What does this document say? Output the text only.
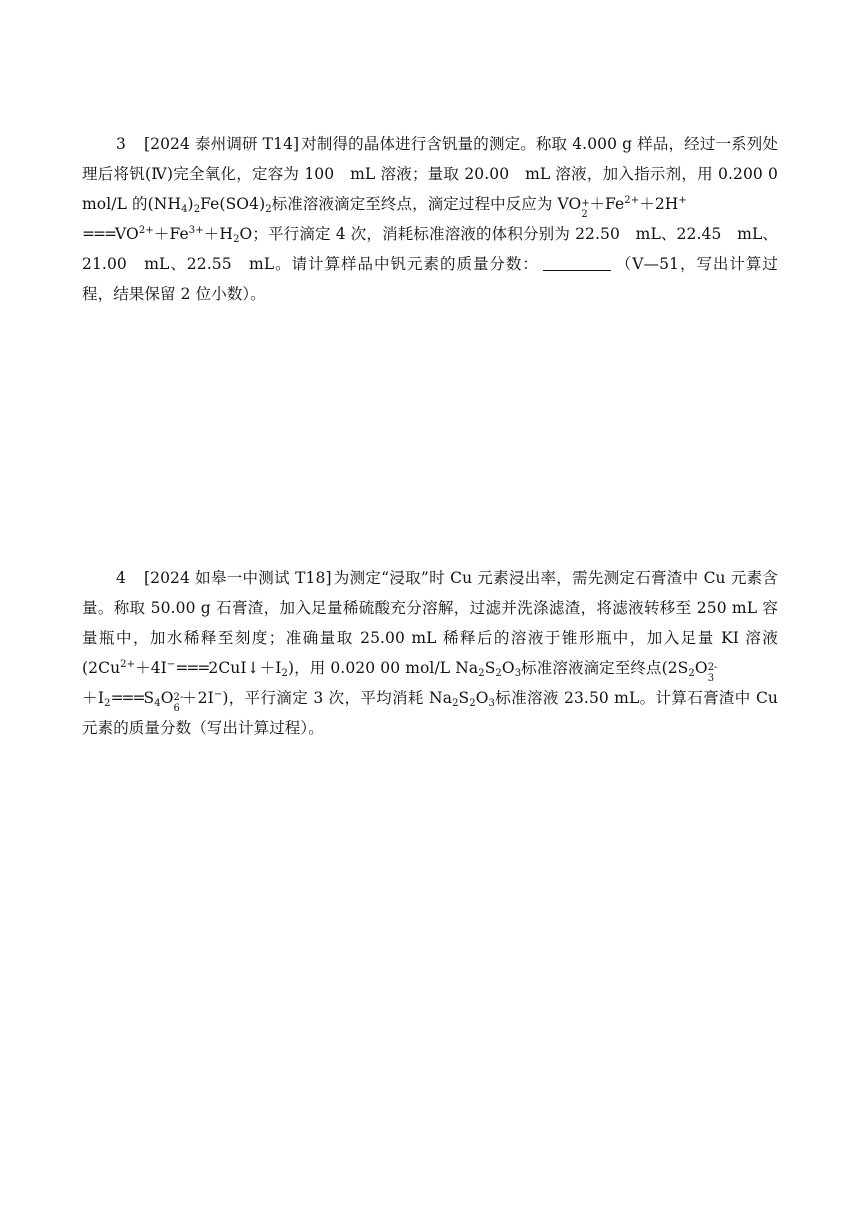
3 [2024 泰州调研 T14] 对制得的晶体进行含钒量的测定。称取 4.000 g 样品，经过一系列处理后将钒(Ⅳ)完全氧化，定容为 100　mL 溶液；量取 20.00　mL 溶液，加入指示剂，用 0.200 0　mol/L 的$(NH_4)_2Fe(SO4)_2$标准溶液滴定至终点，滴定过程中反应为 VO +
2
$+Fe^{2+}+2H^+$
$===VO^{2+}+Fe^{3+}+H_2O$；平行滴定 4 次，消耗标准溶液的体积分别为 22.50　mL、22.45　mL、21.00　mL、22.55　mL。请计算样品中钒元素的质量分数：	（V—51，写出计算过程，结果保留 2 位小数）。
4 [2024 如皋一中测试 T18] 为测定“浸取”时 Cu 元素浸出率，需先测定石膏渣中 Cu 元素含量。称取 50.00 g 石膏渣，加入足量稀硫酸充分溶解，过滤并洗涤滤渣，将滤液转移至 250 mL 容量瓶中，加水稀释至刻度；准确量取 25.00 mL 稀释后的溶液于锥形瓶中，加入足量 KI 溶液$(2Cu^{2+}+4I^-===2CuI↓+I_2)$，用 0.020 00 mol/L $Na_2S_2O_3$标准溶液滴定至终点($2S_2O$ 2-
3

$+I_2===S_4O$ 2-
6
＋2I−)，平行滴定 3 次，平均消耗 $Na_2S_2O_3$标准溶液 23.50 mL。计算石膏渣中 Cu 元素的质量分数（写出计算过程）。
